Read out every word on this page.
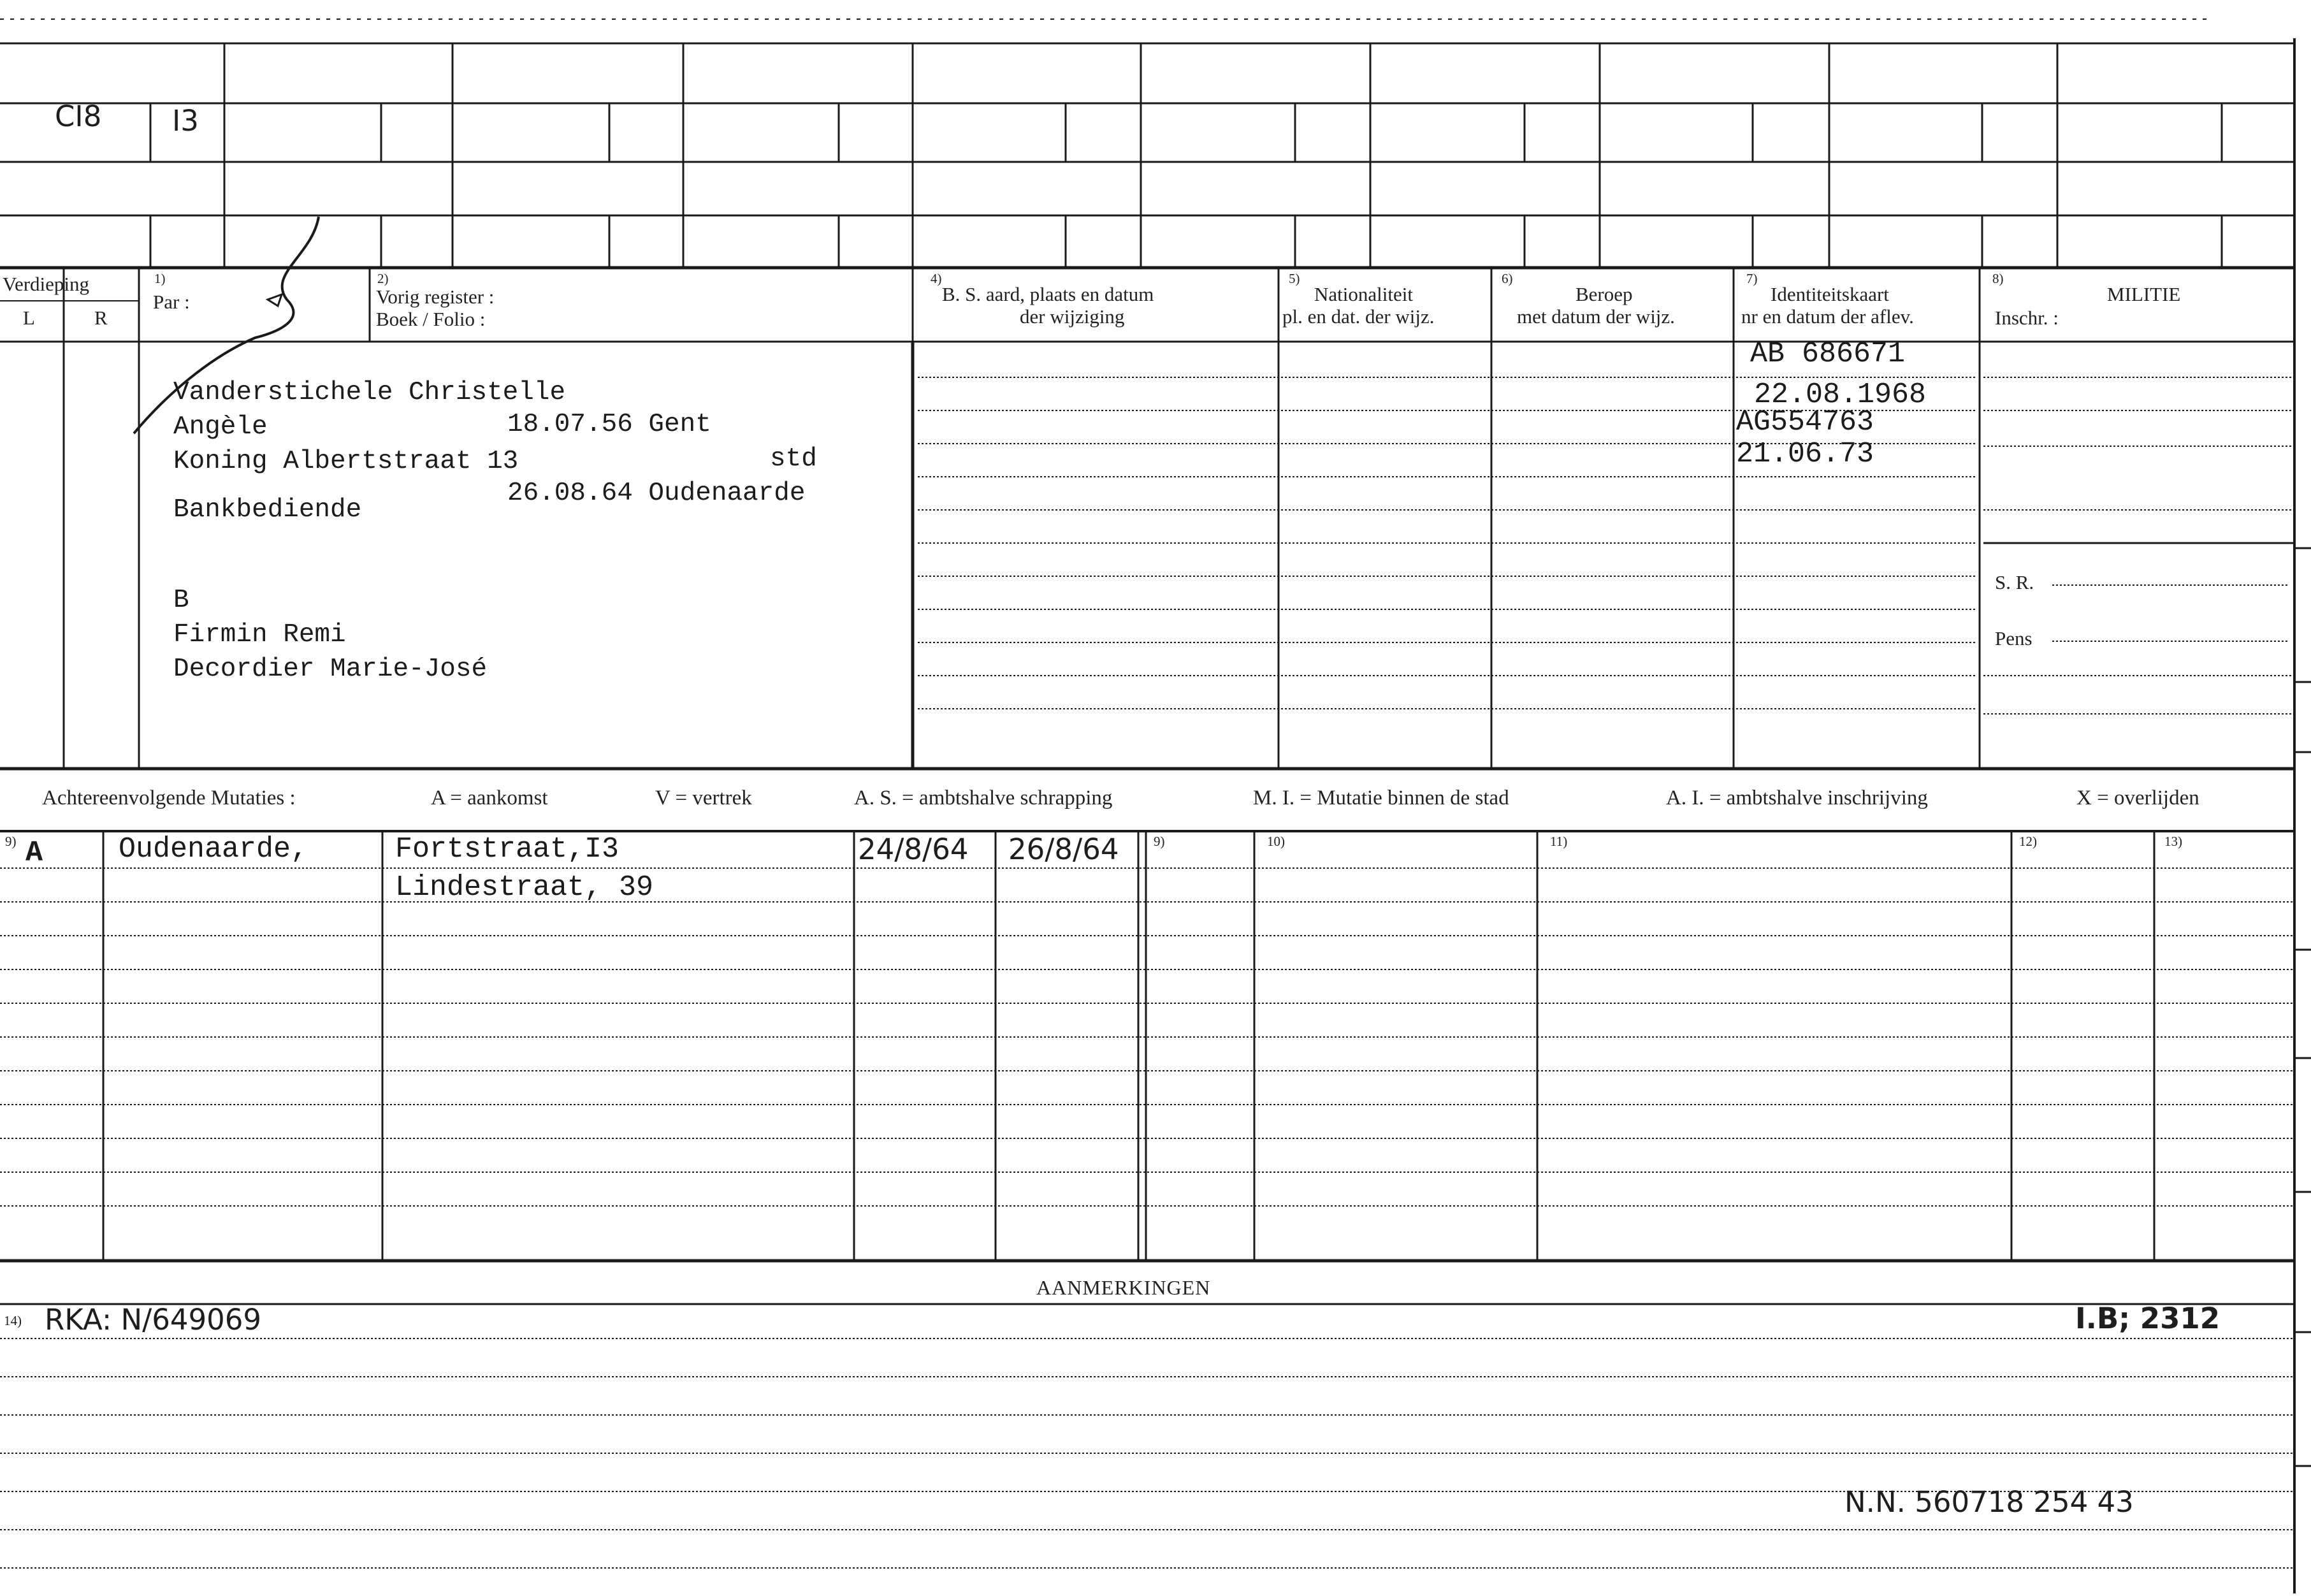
CI8 I3
Verdieping
L	R
1)
Par :
2)
Vorig register :
Boek / Folio :
4)
B. S. aard, plaats en datum
der wijziging
5)
Nationaliteit
pl. en dat. der wijz.
6)
Beroep
met datum der wijz.
7)
Identiteitskaart
nr en datum der aflev.
8)
MILITIE
Inschr. :
S. R.
Pens
Vanderstichele Christelle
Angèle	18.07.56 Gent
Koning Albertstraat 13	std
Bankbediende
26.08.64 Oudenaarde
B
Firmin Remi
Decordier Marie-José
AB 686671
22.08.1968
AG554763
21.06.73
Achtereenvolgende Mutaties :	A = aankomst	V = vertrek	A. S. = ambtshalve schrapping	M. I. = Mutatie binnen de stad	A. I. = ambtshalve inschrijving	X = overlijden
9)	9)	10)	11)	12)	13)
A	Oudenaarde,	Fortstraat,I3
Lindestraat, 39
24/8/64 26/8/64
AANMERKINGEN
14) RKA: N/649069	I.B; 2312
N.N. 560718 254 43
